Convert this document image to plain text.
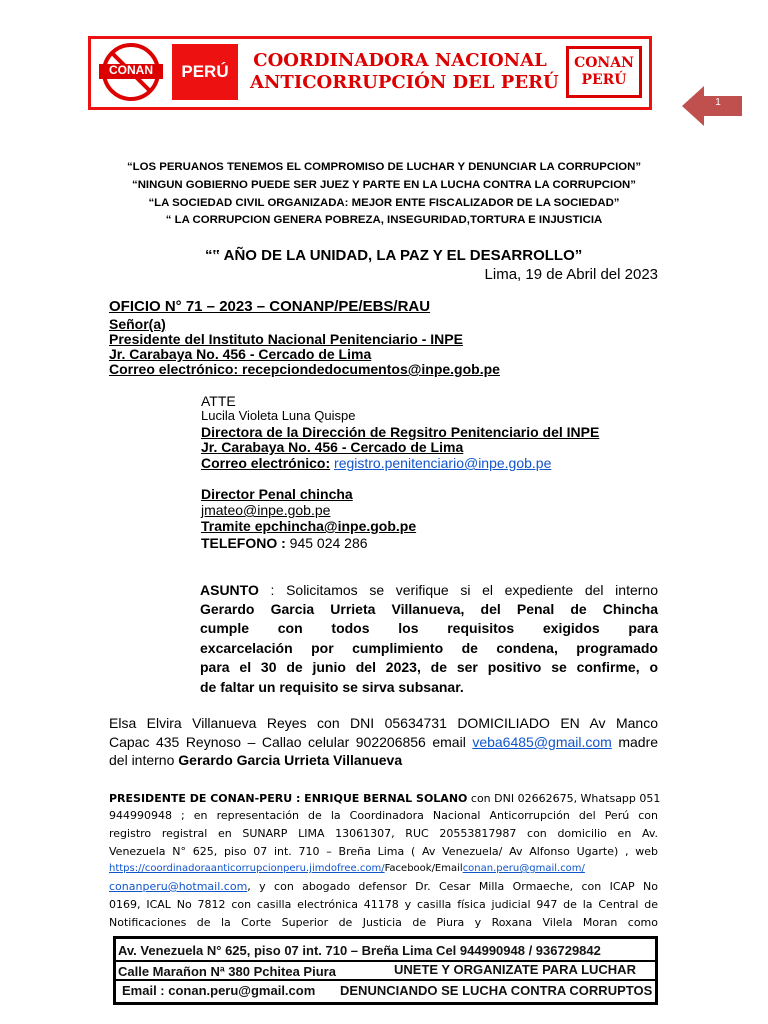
CONAN	PERÚ
COORDINADORA NACIONAL
ANTICORRUPCIÓN DEL PERÚ
CONAN
PERÚ
1
“LOS PERUANOS TENEMOS EL COMPROMISO DE LUCHAR Y DENUNCIAR LA CORRUPCION”
“NINGUN GOBIERNO PUEDE SER JUEZ Y PARTE EN LA LUCHA CONTRA LA CORRUPCION”
“LA SOCIEDAD CIVIL ORGANIZADA: MEJOR ENTE FISCALIZADOR DE LA SOCIEDAD”
“ LA CORRUPCION GENERA POBREZA, INSEGURIDAD,TORTURA E INJUSTICIA
“‟ AÑO DE LA UNIDAD, LA PAZ Y EL DESARROLLO”
Lima, 19 de Abril del 2023
OFICIO N° 71 – 2023 – CONANP/PE/EBS/RAU
Señor(a)
Presidente del Instituto Nacional Penitenciario - INPE
Jr. Carabaya No. 456 - Cercado de Lima
Correo electrónico: recepciondedocumentos@inpe.gob.pe
ATTE
Lucila Violeta Luna Quispe
Directora de la Dirección de Regsitro Penitenciario del INPE
Jr. Carabaya No. 456 - Cercado de Lima
Correo electrónico: registro.penitenciario@inpe.gob.pe
Director Penal chincha
jmateo@inpe.gob.pe
Tramite epchincha@inpe.gob.pe
TELEFONO : 945 024 286
ASUNTO : Solicitamos se verifique si el expediente del interno
Gerardo Garcia Urrieta Villanueva, del Penal de Chincha
cumple con todos los requisitos exigidos para
excarcelación por cumplimiento de condena, programado
para el 30 de junio del 2023, de ser positivo se confirme, o
de faltar un requisito se sirva subsanar.
Elsa Elvira Villanueva Reyes con DNI 05634731 DOMICILIADO EN Av Manco
Capac 435 Reynoso – Callao celular 902206856 email veba6485@gmail.com madre
del interno Gerardo Garcia Urrieta Villanueva
PRESIDENTE DE CONAN-PERU : ENRIQUE BERNAL SOLANO con DNI 02662675, Whatsapp 051
944990948 ; en representación de la Coordinadora Nacional Anticorrupción del Perú con
registro registral en SUNARP LIMA 13061307, RUC 20553817987 con domicilio en Av.
Venezuela N° 625, piso 07 int. 710 – Breña Lima ( Av Venezuela/ Av Alfonso Ugarte) , web
https://coordinadoraanticorrupcionperu.jimdofree.com/Facebook/Emailconan.peru@gmail.com/
conanperu@hotmail.com, y con abogado defensor Dr. Cesar Milla Ormaeche, con ICAP No
0169, ICAL No 7812 con casilla electrónica 41178 y casilla física judicial 947 de la Central de
Notificaciones de la Corte Superior de Justicia de Piura y Roxana Vilela Moran como
Av. Venezuela N° 625, piso 07 int. 710 – Breña Lima Cel 944990948 / 936729842
Calle Marañon Nª 380 Pchitea Piura	UNETE Y ORGANIZATE PARA LUCHAR
Email : conan.peru@gmail.com DENUNCIANDO SE LUCHA CONTRA CORRUPTOS
